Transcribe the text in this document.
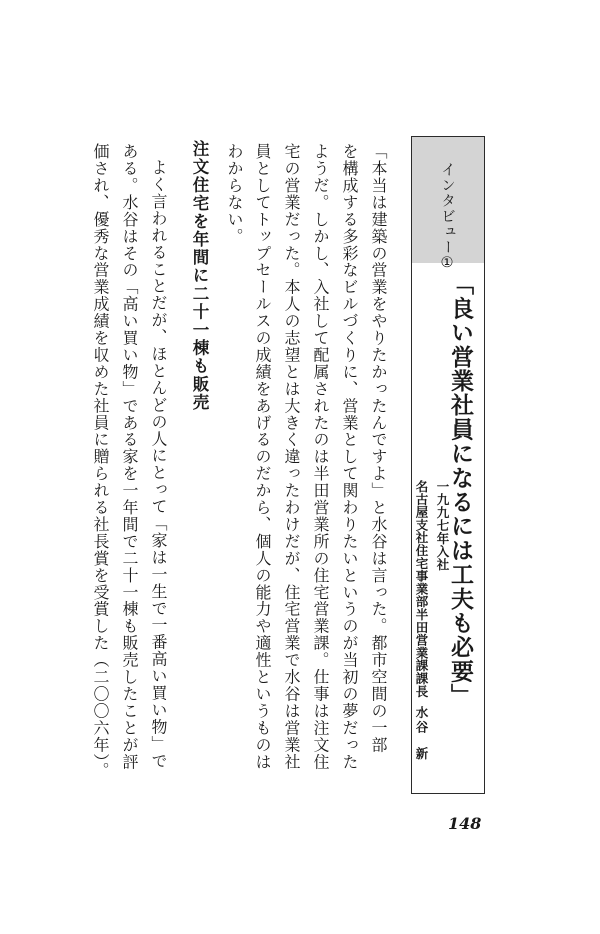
インタビュー①
「良い営業社員になるには工夫も必要」
一九九七年入社
名古屋支社住宅事業部半田営業課課長
水谷新
「本当は建築の営業をやりたかったんですよ」と水谷は言った。都市空間の一部
を構成する多彩なビルづくりに、営業として関わりたいというのが当初の夢だった
ようだ。しかし、入社して配属されたのは半田営業所の住宅営業課。仕事は注文住
宅の営業だった。本人の志望とは大きく違ったわけだが、住宅営業で水谷は営業社
員としてトップセールスの成績をあげるのだから、個人の能力や適性というものは
わからない。
注文住宅を年間に二十一棟も販売
よく言われることだが、ほとんどの人にとって「家は一生で一番高い買い物」で
ある。水谷はその「高い買い物」である家を一年間で二十一棟も販売したことが評
価され、優秀な営業成績を収めた社員に贈られる社長賞を受賞した（二〇〇六年）。
148
